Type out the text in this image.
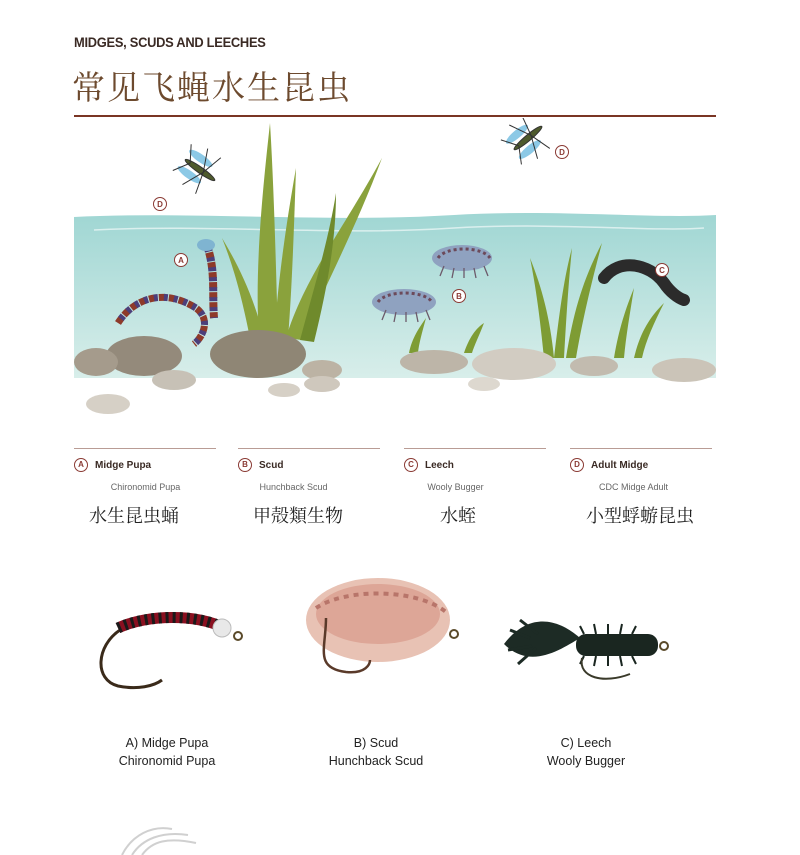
MIDGES, SCUDS AND LEECHES
常见飞蝇水生昆虫
A
B
C
D
D
A	Midge Pupa
Chironomid Pupa
水生昆虫蛹
B	Scud
Hunchback Scud
甲殻類生物
C	Leech
Wooly Bugger
水蛭
D	Adult Midge
CDC Midge Adult
小型蜉蝣昆虫
A) Midge Pupa
Chironomid Pupa
B) Scud
Hunchback Scud
C) Leech
Wooly Bugger
